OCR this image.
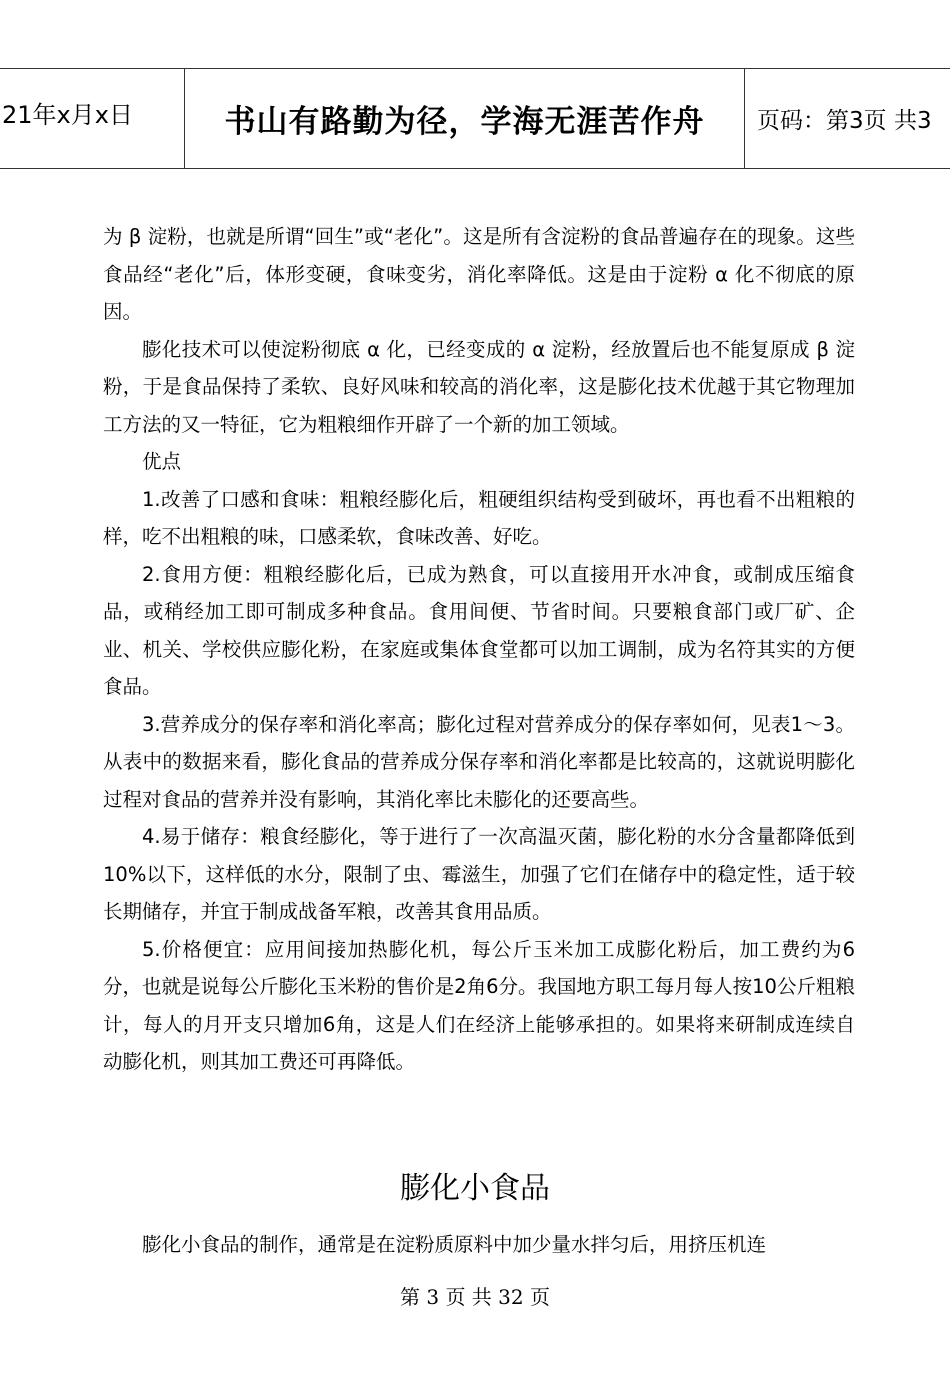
21年x月x日	书山有路勤为径，学海无涯苦作舟	页码：第3页 共3

为 β 淀粉，也就是所谓“回生”或“老化”。这是所有含淀粉的食品普遍存在的现象。这些食品经“老化”后，体形变硬，食味变劣，消化率降低。这是由于淀粉 α 化不彻底的原因。

膨化技术可以使淀粉彻底 α 化，已经变成的 α 淀粉，经放置后也不能复原成 β 淀粉，于是食品保持了柔软、良好风味和较高的消化率，这是膨化技术优越于其它物理加工方法的又一特征，它为粗粮细作开辟了一个新的加工领域。

优点

1.改善了口感和食味：粗粮经膨化后，粗硬组织结构受到破坏，再也看不出粗粮的样，吃不出粗粮的味，口感柔软，食味改善、好吃。

2.食用方便：粗粮经膨化后，已成为熟食，可以直接用开水冲食，或制成压缩食品，或稍经加工即可制成多种食品。食用间便、节省时间。只要粮食部门或厂矿、企业、机关、学校供应膨化粉，在家庭或集体食堂都可以加工调制，成为名符其实的方便食品。

3.营养成分的保存率和消化率高；膨化过程对营养成分的保存率如何，见表1～3。从表中的数据来看，膨化食品的营养成分保存率和消化率都是比较高的，这就说明膨化过程对食品的营养并没有影响，其消化率比未膨化的还要高些。

4.易于储存：粮食经膨化，等于进行了一次高温灭菌，膨化粉的水分含量都降低到10%以下，这样低的水分，限制了虫、霉滋生，加强了它们在储存中的稳定性，适于较长期储存，并宜于制成战备军粮，改善其食用品质。

5.价格便宜：应用间接加热膨化机，每公斤玉米加工成膨化粉后，加工费约为6分，也就是说每公斤膨化玉米粉的售价是2角6分。我国地方职工每月每人按10公斤粗粮计，每人的月开支只增加6角，这是人们在经济上能够承担的。如果将来研制成连续自动膨化机，则其加工费还可再降低。

膨化小食品

膨化小食品的制作，通常是在淀粉质原料中加少量水拌匀后，用挤压机连

第 3 页 共 32 页
